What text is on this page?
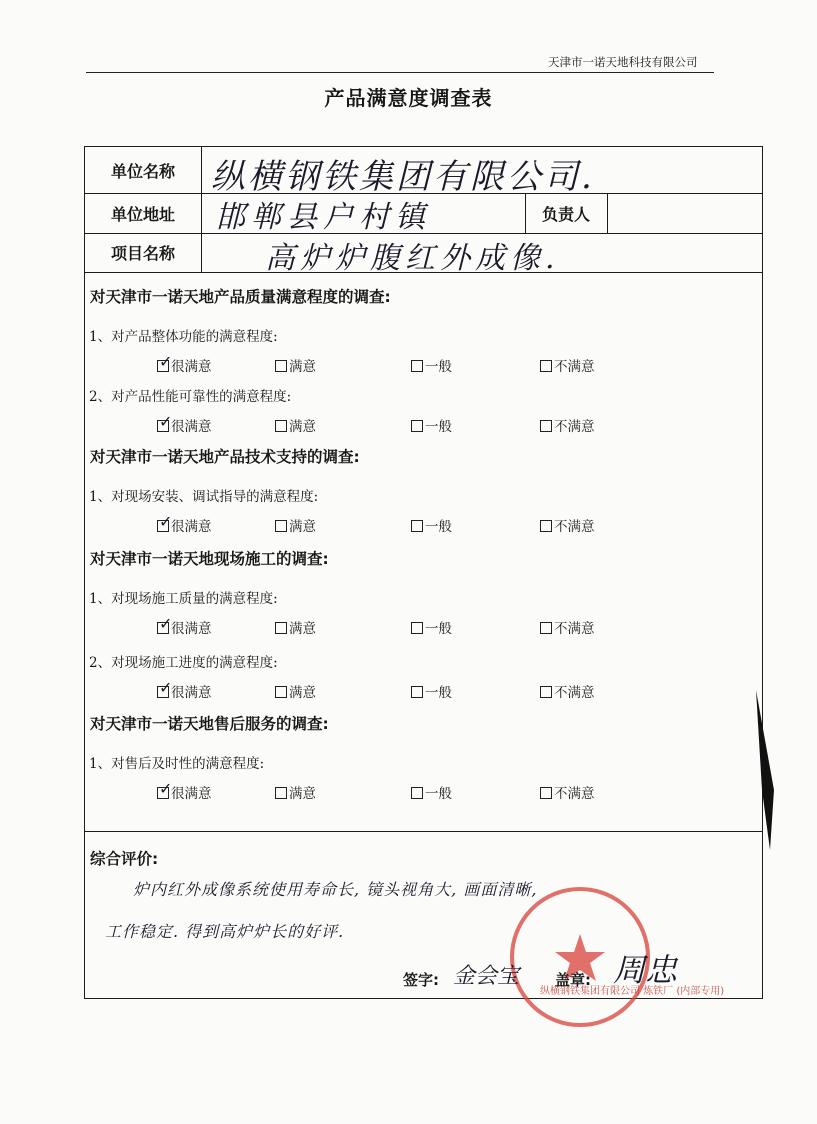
天津市一诺天地科技有限公司
产品满意度调查表
单位名称	纵横钢铁集团有限公司.
单位地址	邯郸县户村镇	负责人
项目名称	高炉炉腹红外成像.
对天津市一诺天地产品质量满意程度的调查:
1、对产品整体功能的满意程度:
✓
很满意	满意	一般	不满意
2、对产品性能可靠性的满意程度:
✓
很满意	满意	一般	不满意
对天津市一诺天地产品技术支持的调查:
1、对现场安装、调试指导的满意程度:
✓
很满意	满意	一般	不满意
对天津市一诺天地现场施工的调查:
1、对现场施工质量的满意程度:
✓
很满意	满意	一般	不满意
2、对现场施工进度的满意程度:
✓
很满意	满意	一般	不满意
对天津市一诺天地售后服务的调查:
1、对售后及时性的满意程度:
✓
很满意	满意	一般	不满意
综合评价:
炉内红外成像系统使用寿命长, 镜头视角大, 画面清晰,
工作稳定. 得到高炉炉长的好评.
纵横钢铁集团有限公司 炼铁厂 (内部专用)
签字: 金会宝 盖章: 周忠
